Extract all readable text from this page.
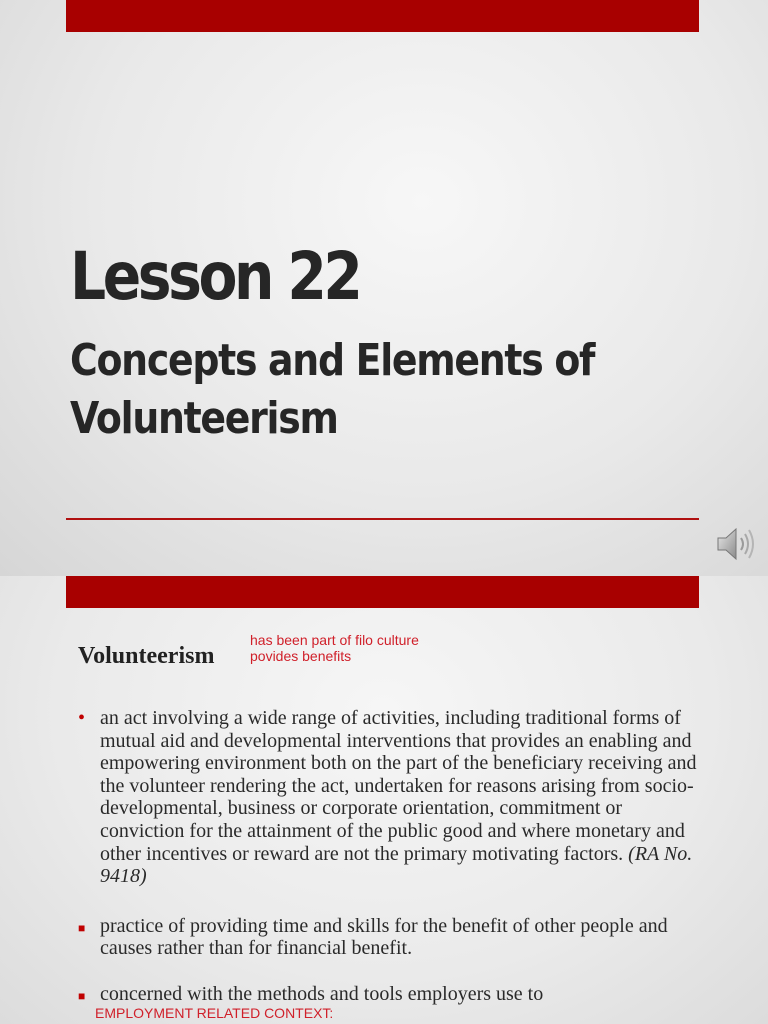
Lesson 22
Concepts and Elements of Volunteerism
has been part of filo culture
povides benefits
Volunteerism
• an act involving a wide range of activities, including traditional forms of mutual aid and developmental interventions that provides an enabling and empowering environment both on the part of the beneficiary receiving and the volunteer rendering the act, undertaken for reasons arising from socio-developmental, business or corporate orientation, commitment or conviction for the attainment of the public good and where monetary and other incentives or reward are not the primary motivating factors. (RA No. 9418)
■ practice of providing time and skills for the benefit of other people and causes rather than for financial benefit.
■ concerned with the methods and tools employers use to
EMPLOYMENT RELATED CONTEXT:
